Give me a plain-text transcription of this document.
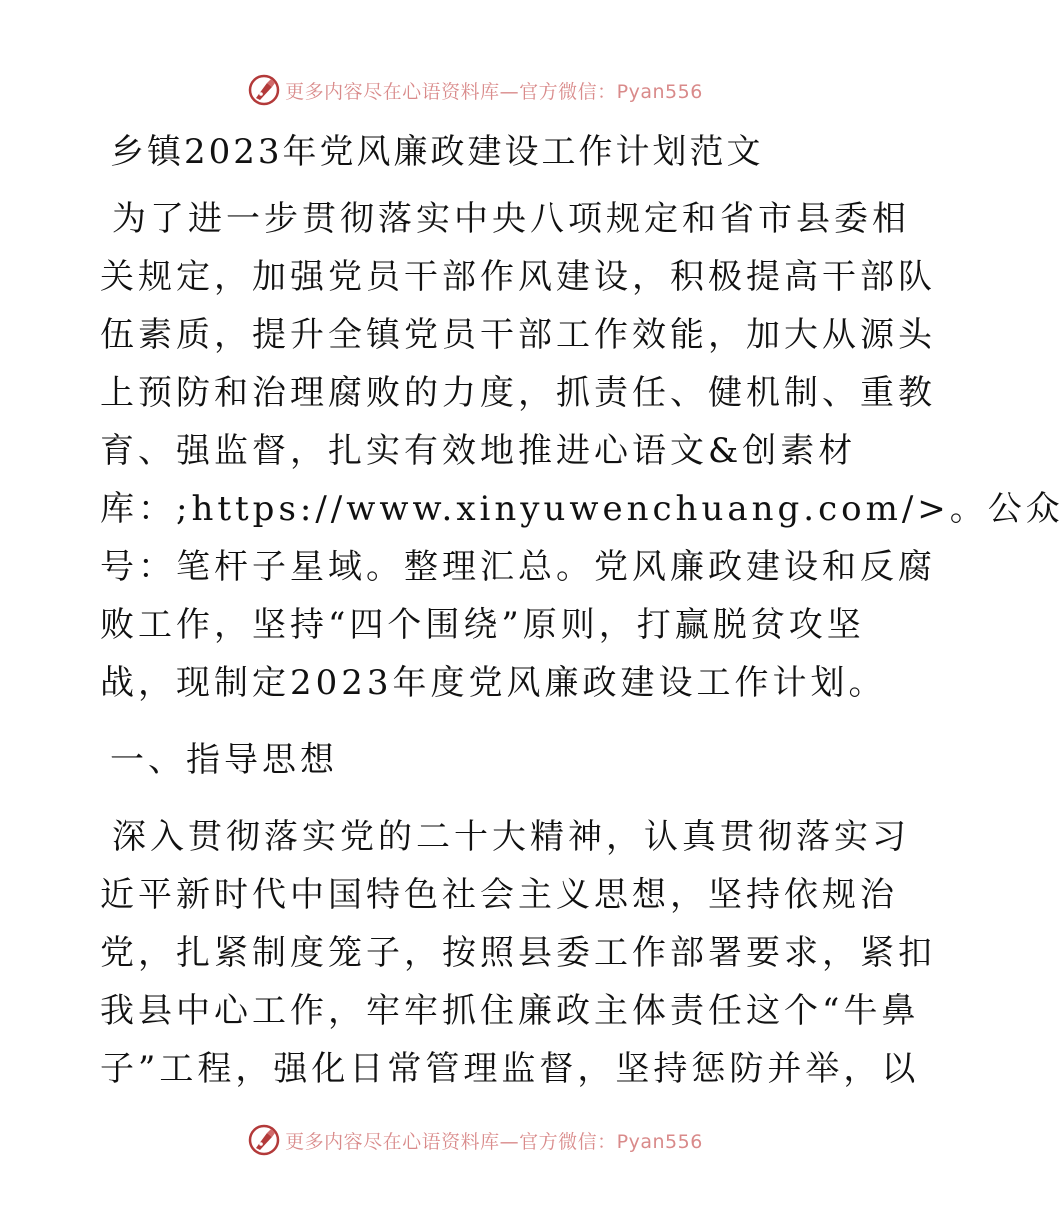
更多内容尽在心语资料库—官方微信：Pyan556
乡镇2023年党风廉政建设工作计划范文
为了进一步贯彻落实中央八项规定和省市县委相
关规定，加强党员干部作风建设，积极提高干部队
伍素质，提升全镇党员干部工作效能，加大从源头
上预防和治理腐败的力度，抓责任、健机制、重教
育、强监督，扎实有效地推进心语文&创素材
库：;https://www.xinyuwenchuang.com/>。公众
号：笔杆子星域。整理汇总。党风廉政建设和反腐
败工作，坚持“四个围绕”原则，打赢脱贫攻坚
战，现制定2023年度党风廉政建设工作计划。
一、指导思想
深入贯彻落实党的二十大精神，认真贯彻落实习
近平新时代中国特色社会主义思想，坚持依规治
党，扎紧制度笼子，按照县委工作部署要求，紧扣
我县中心工作，牢牢抓住廉政主体责任这个“牛鼻
子”工程，强化日常管理监督，坚持惩防并举，以
更多内容尽在心语资料库—官方微信：Pyan556
